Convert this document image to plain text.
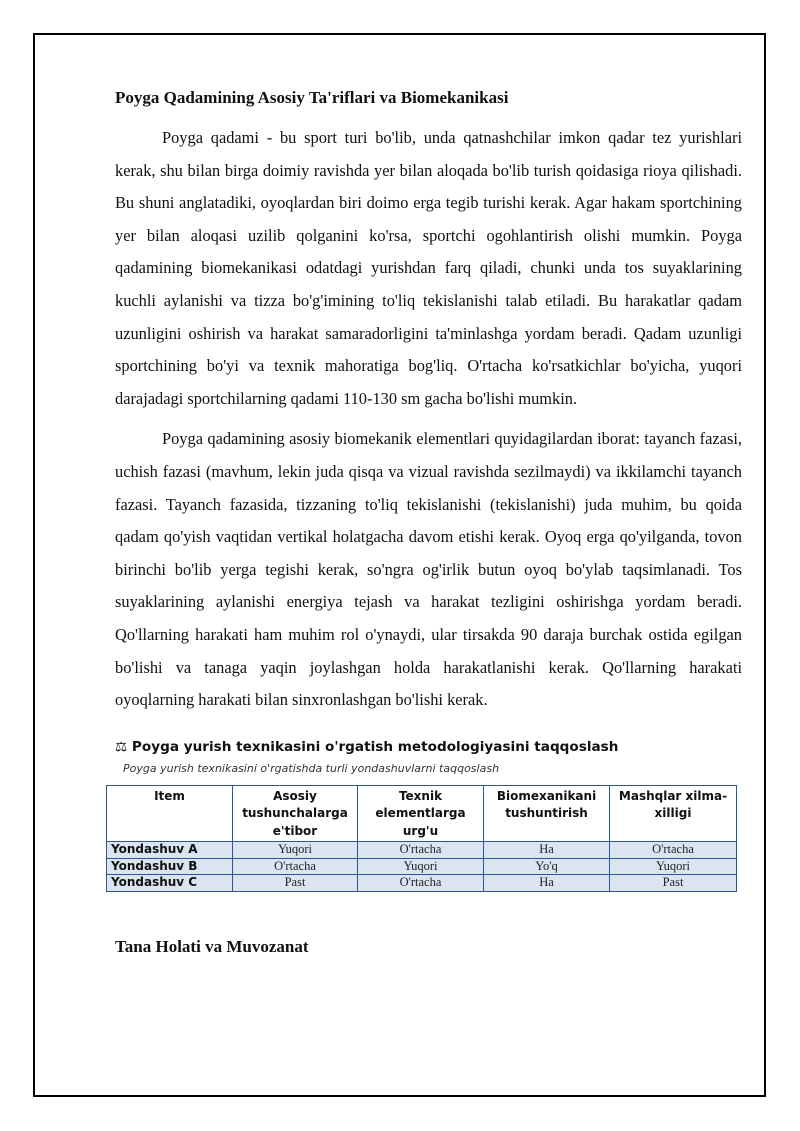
Poyga Qadamining Asosiy Ta'riflari va Biomekanikasi

Poyga qadami - bu sport turi bo'lib, unda qatnashchilar imkon qadar tez yurishlari kerak, shu bilan birga doimiy ravishda yer bilan aloqada bo'lib turish qoidasiga rioya qilishadi. Bu shuni anglatadiki, oyoqlardan biri doimo erga tegib turishi kerak. Agar hakam sportchining yer bilan aloqasi uzilib qolganini ko'rsa, sportchi ogohlantirish olishi mumkin. Poyga qadamining biomekanikasi odatdagi yurishdan farq qiladi, chunki unda tos suyaklarining kuchli aylanishi va tizza bo'g'imining to'liq tekislanishi talab etiladi. Bu harakatlar qadam uzunligini oshirish va harakat samaradorligini ta'minlashga yordam beradi. Qadam uzunligi sportchining bo'yi va texnik mahoratiga bog'liq. O'rtacha ko'rsatkichlar bo'yicha, yuqori darajadagi sportchilarning qadami 110-130 sm gacha bo'lishi mumkin.

Poyga qadamining asosiy biomekanik elementlari quyidagilardan iborat: tayanch fazasi, uchish fazasi (mavhum, lekin juda qisqa va vizual ravishda sezilmaydi) va ikkilamchi tayanch fazasi. Tayanch fazasida, tizzaning to'liq tekislanishi (tekislanishi) juda muhim, bu qoida qadam qo'yish vaqtidan vertikal holatgacha davom etishi kerak. Oyoq erga qo'yilganda, tovon birinchi bo'lib yerga tegishi kerak, so'ngra og'irlik butun oyoq bo'ylab taqsimlanadi. Tos suyaklarining aylanishi energiya tejash va harakat tezligini oshirishga yordam beradi. Qo'llarning harakati ham muhim rol o'ynaydi, ular tirsakda 90 daraja burchak ostida egilgan bo'lishi va tanaga yaqin joylashgan holda harakatlanishi kerak. Qo'llarning harakati oyoqlarning harakati bilan sinxronlashgan bo'lishi kerak.

⚖ Poyga yurish texnikasini o'rgatish metodologiyasini taqqoslash
Poyga yurish texnikasini o'rgatishda turli yondashuvlarni taqqoslash
Item	Asosiy tushunchalarga e'tibor	Texnik elementlarga urg'u	Biomexanikani tushuntirish	Mashqlar xilma-xilligi
Yondashuv A	Yuqori	O'rtacha	Ha	O'rtacha
Yondashuv B	O'rtacha	Yuqori	Yo'q	Yuqori
Yondashuv C	Past	O'rtacha	Ha	Past
Tana Holati va Muvozanat
